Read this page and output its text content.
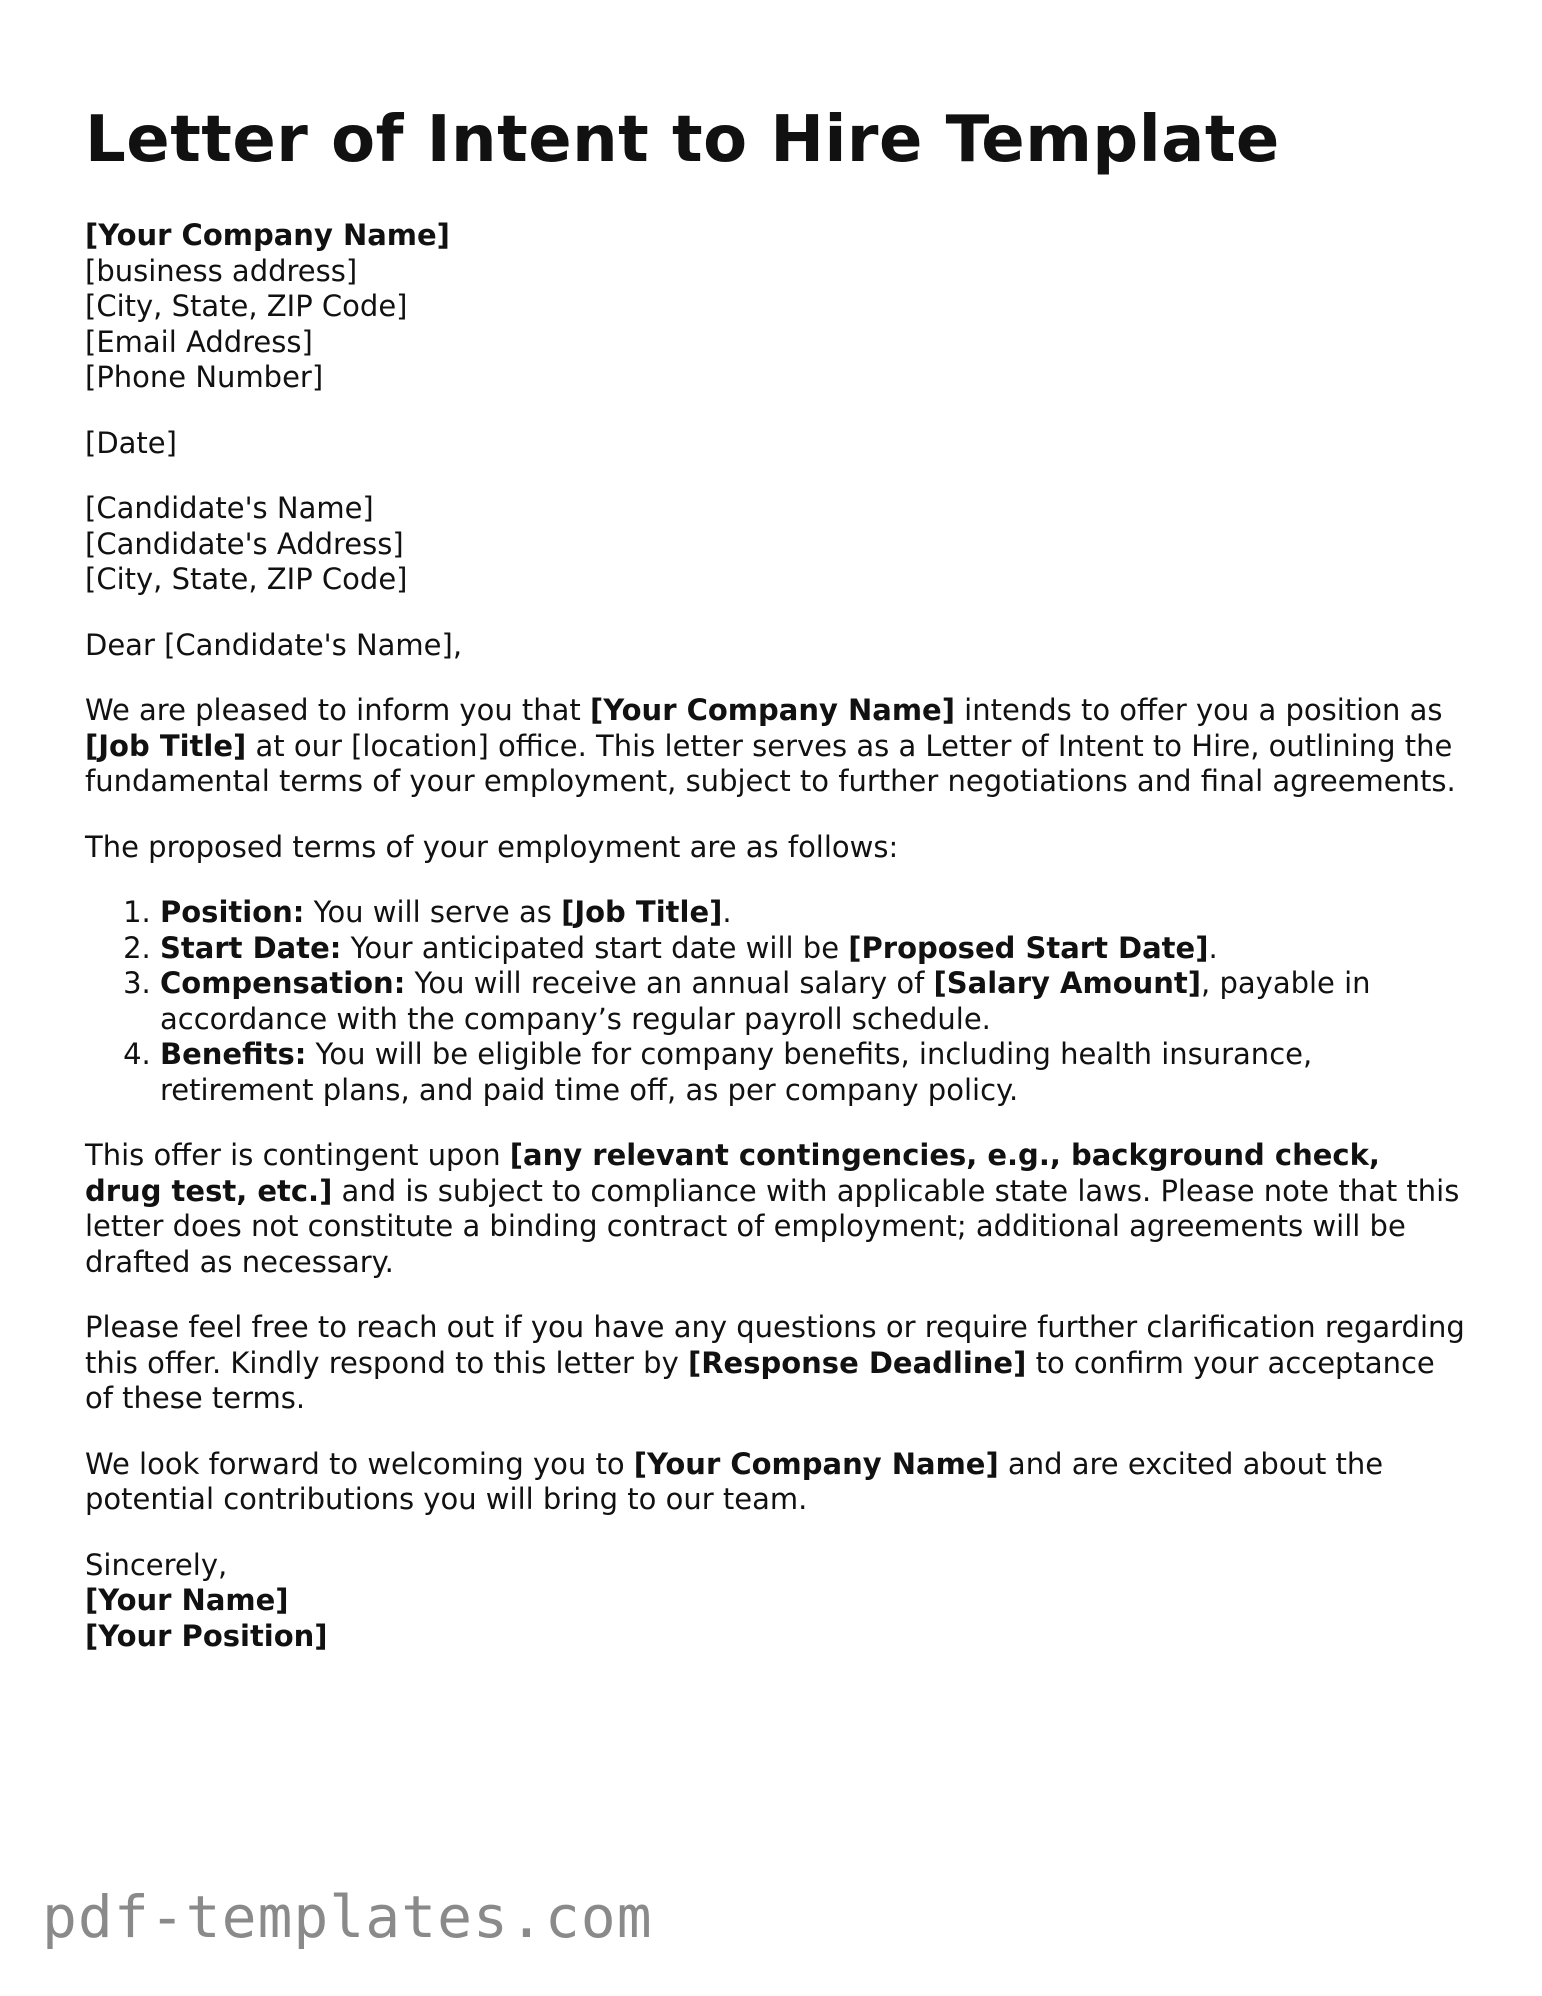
Letter of Intent to Hire Template
[Your Company Name]
[business address]
[City, State, ZIP Code]
[Email Address]
[Phone Number]
[Date]
[Candidate's Name]
[Candidate's Address]
[City, State, ZIP Code]
Dear [Candidate's Name],

We are pleased to inform you that [Your Company Name] intends to offer you a position as [Job Title] at our [location] office. This letter serves as a Letter of Intent to Hire, outlining the fundamental terms of your employment, subject to further negotiations and final agreements.

The proposed terms of your employment are as follows:

1. Position: You will serve as [Job Title].
2. Start Date: Your anticipated start date will be [Proposed Start Date].
3. Compensation: You will receive an annual salary of [Salary Amount], payable in accordance with the company’s regular payroll schedule.
4. Benefits: You will be eligible for company benefits, including health insurance, retirement plans, and paid time off, as per company policy.

This offer is contingent upon [any relevant contingencies, e.g., background check, drug test, etc.] and is subject to compliance with applicable state laws. Please note that this letter does not constitute a binding contract of employment; additional agreements will be drafted as necessary.

Please feel free to reach out if you have any questions or require further clarification regarding this offer. Kindly respond to this letter by [Response Deadline] to confirm your acceptance of these terms.

We look forward to welcoming you to [Your Company Name] and are excited about the potential contributions you will bring to our team.

Sincerely,
[Your Name]
[Your Position]
pdf-templates.com
